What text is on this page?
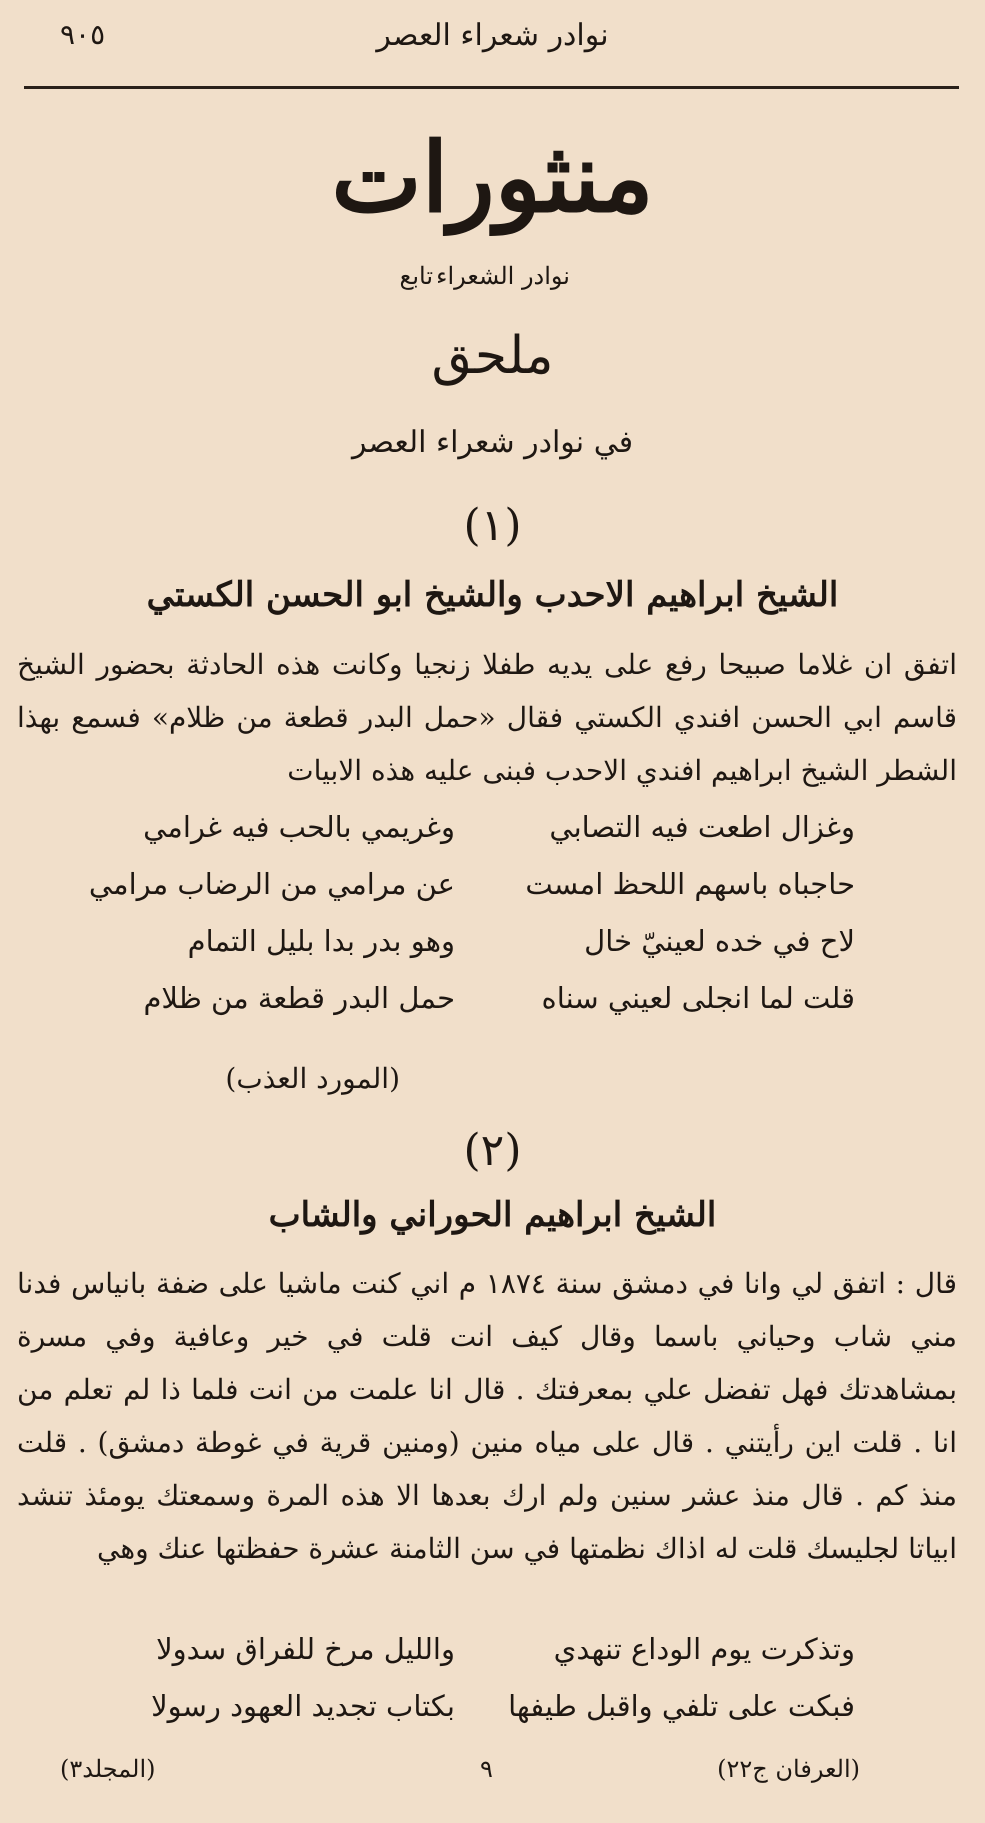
نوادر شعراء العصر
٩٠٥
منثورات
نوادر الشعراء
تابع
ملحق
في نوادر شعراء العصر
(١)
الشيخ ابراهيم الاحدب والشيخ ابو الحسن الكستي

اتفق ان غلاما صبيحا رفع على يديه طفلا زنجيا وكانت هذه الحادثة بحضور الشيخ قاسم ابي الحسن افندي الكستي فقال «حمل البدر قطعة من ظلام» فسمع بهذا الشطر الشيخ ابراهيم افندي الاحدب فبنى عليه هذه الابيات

وغزال اطعت فيه التصابي
وغريمي بالحب فيه غرامي
حاجباه باسهم اللحظ امست
عن مرامي من الرضاب مرامي
لاح في خده لعينيّ خال
وهو بدر بدا بليل التمام
قلت لما انجلى لعيني سناه
حمل البدر قطعة من ظلام
(المورد العذب)
(٢)
الشيخ ابراهيم الحوراني والشاب

قال : اتفق لي وانا في دمشق سنة ١٨٧٤ م اني كنت ماشيا على ضفة بانياس فدنا مني شاب وحياني باسما وقال كيف انت قلت في خير وعافية وفي مسرة بمشاهدتك فهل تفضل علي بمعرفتك . قال انا علمت من انت فلما ذا لم تعلم من انا . قلت اين رأيتني . قال على مياه منين (ومنين قرية في غوطة دمشق) . قلت منذ كم . قال منذ عشر سنين ولم ارك بعدها الا هذه المرة وسمعتك يومئذ تنشد ابياتا لجليسك قلت له اذاك نظمتها في سن الثامنة عشرة حفظتها عنك وهي

وتذكرت يوم الوداع تنهدي
والليل مرخ للفراق سدولا
فبكت على تلفي واقبل طيفها
بكتاب تجديد العهود رسولا
(العرفان ج٢٢)
٩
(المجلد٣)
